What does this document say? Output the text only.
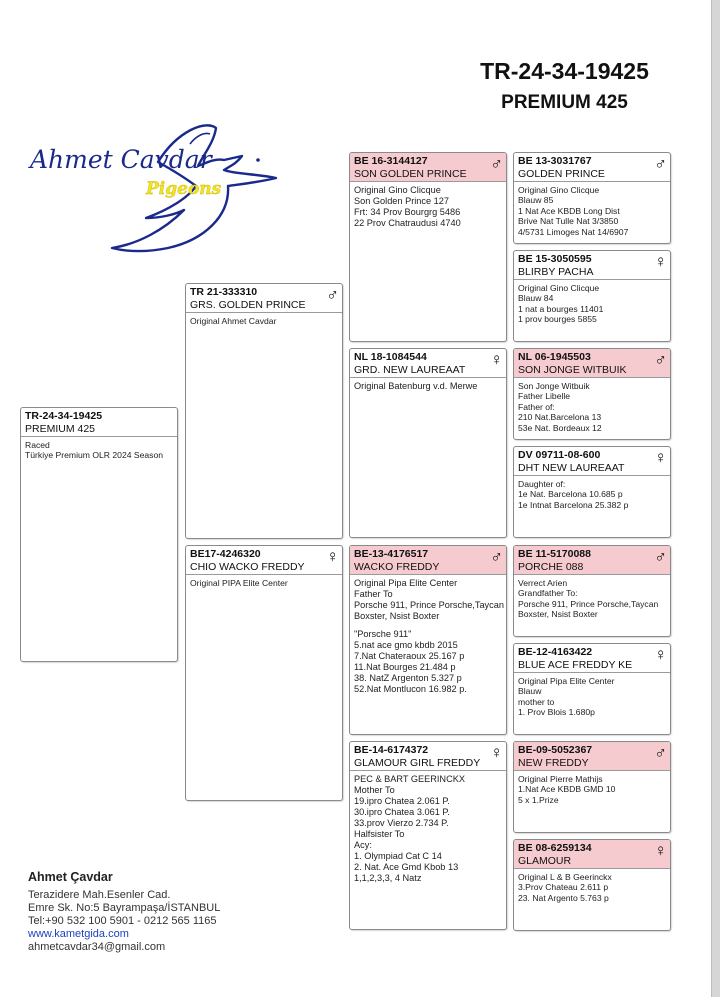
TR-24-34-19425
PREMIUM 425
Ahmet Cavdar
Pigeons
TR-24-34-19425
PREMIUM 425
Raced
Türkiye Premium OLR 2024 Season
TR 21-333310
GRS. GOLDEN PRINCE
♂
Original Ahmet Cavdar
BE17-4246320
CHIO WACKO FREDDY
♀
Original PIPA Elite Center
BE 16-3144127
SON GOLDEN PRINCE
♂
Original Gino Clicque
Son Golden Prince 127
Frt: 34 Prov Bourgrg 5486
22 Prov Chatraudusi 4740
NL 18-1084544
GRD. NEW LAUREAAT
♀
Original Batenburg v.d. Merwe
BE-13-4176517
WACKO FREDDY
♂
Original Pipa Elite Center
Father To
Porsche 911, Prince Porsche,Taycan
Boxster, Nsist Boxter
"Porsche 911"
5.nat ace gmo kbdb 2015
7.Nat Chateraoux 25.167 p
11.Nat Bourges 21.484 p
38. NatZ Argenton 5.327 p
52.Nat Montlucon 16.982 p.
BE-14-6174372
GLAMOUR GIRL FREDDY
♀
PEC & BART GEERINCKX
Mother To
19.ipro Chatea 2.061 P.
30.ipro Chatea 3.061 P.
33.prov Vierzo 2.734 P.
Halfsister To
Acy:
1. Olympiad Cat C 14
2. Nat. Ace Gmd Kbob 13
1,1,2,3,3, 4 Natz
BE 13-3031767
GOLDEN PRINCE
♂
Original Gino Clicque
Blauw 85
1 Nat Ace KBDB Long Dist
Brive Nat Tulle Nat 3/3850
4/5731 Limoges Nat 14/6907
BE 15-3050595
BLIRBY PACHA
♀
Original Gino Clicque
Blauw 84
1 nat a bourges 11401
1 prov bourges 5855
NL 06-1945503
SON JONGE WITBUIK
♂
Son Jonge Witbuik
Father Libelle
Father of:
210 Nat.Barcelona 13
53e Nat. Bordeaux 12
DV 09711-08-600
DHT NEW LAUREAAT
♀
Daughter of:
1e Nat. Barcelona 10.685 p
1e Intnat Barcelona 25.382 p
BE 11-5170088
PORCHE 088
♂
Verrect Arien
Grandfather To:
Porsche 911, Prince Porsche,Taycan
Boxster, Nsist Boxter
BE-12-4163422
BLUE ACE FREDDY KE
♀
Original Pipa Elite Center
Blauw
mother to
1. Prov Blois 1.680p
BE-09-5052367
NEW FREDDY
♂
Original Pierre Mathijs
1.Nat Ace KBDB GMD 10
5 x 1.Prize
BE 08-6259134
GLAMOUR
♀
Original L & B Geerinckx
3.Prov Chateau 2.611 p
23. Nat Argento 5.763 p
Ahmet Çavdar
Terazidere Mah.Esenler Cad.
Emre Sk. No:5 Bayrampaşa/İSTANBUL
Tel:+90 532 100 5901 - 0212 565 1165
www.kametgida.com
ahmetcavdar34@gmail.com
